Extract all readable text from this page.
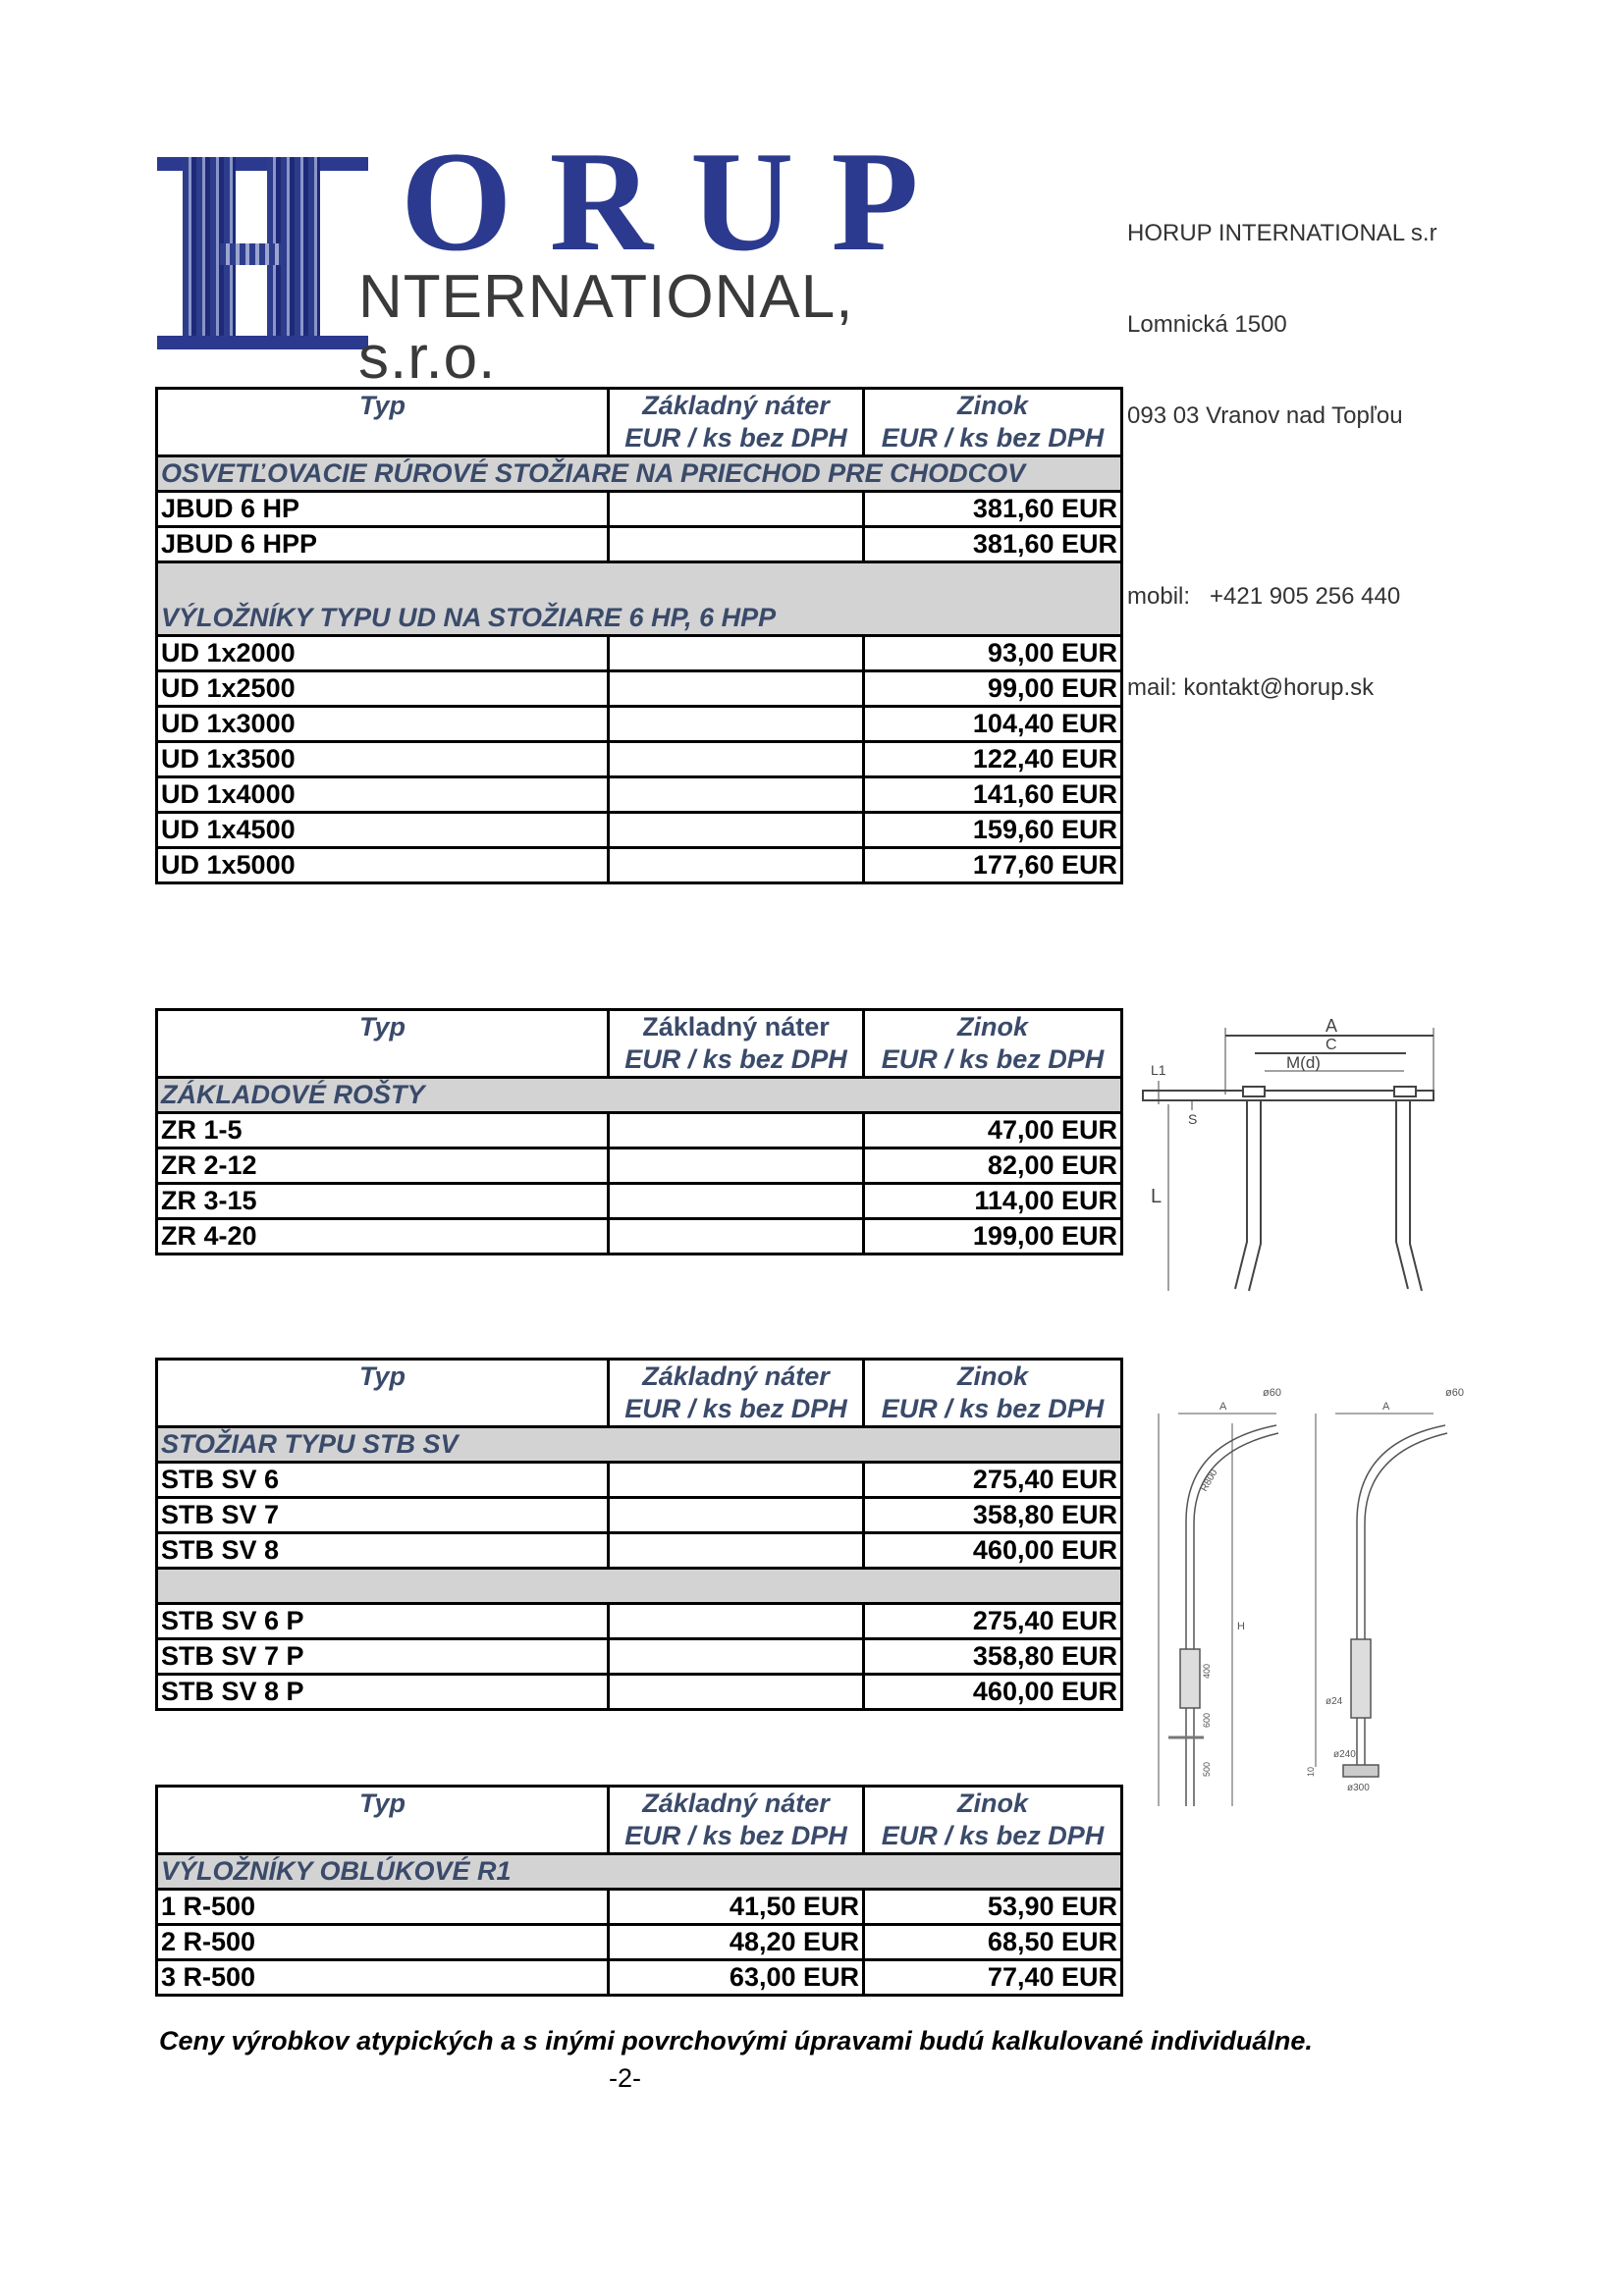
ORUP
NTERNATIONAL, s.r.o.

HORUP INTERNATIONAL s.r

Lomnická 1500

093 03 Vranov nad Topľou

mobil:   +421 905 256 440

mail: kontakt@horup.sk

Typ	Základný náter	Zinok
	EUR / ks bez DPH	EUR / ks bez DPH
OSVETĽOVACIE RÚROVÉ STOŽIARE NA PRIECHOD PRE CHODCOV		
JBUD 6 HP		381,60 EUR
JBUD 6 HPP		381,60 EUR
VÝLOŽNÍKY TYPU UD NA STOŽIARE 6 HP, 6 HPP		
UD 1x2000		93,00 EUR
UD 1x2500		99,00 EUR
UD 1x3000		104,40 EUR
UD 1x3500		122,40 EUR
UD 1x4000		141,60 EUR
UD 1x4500		159,60 EUR
UD 1x5000		177,60 EUR
Typ	Základný náter	Zinok
	EUR / ks bez DPH	EUR / ks bez DPH
ZÁKLADOVÉ ROŠTY		
ZR 1-5		47,00 EUR
ZR 2-12		82,00 EUR
ZR 3-15		114,00 EUR
ZR 4-20		199,00 EUR
Typ	Základný náter	Zinok
	EUR / ks bez DPH	EUR / ks bez DPH
STOŽIAR TYPU STB SV		
STB SV 6		275,40 EUR
STB SV 7		358,80 EUR
STB SV 8		460,00 EUR

STB SV 6 P		275,40 EUR
STB SV 7 P		358,80 EUR
STB SV 8 P		460,00 EUR
Typ	Základný náter	Zinok
	EUR / ks bez DPH	EUR / ks bez DPH
VÝLOŽNÍKY OBLÚKOVÉ R1		
1 R-500	41,50 EUR	53,90 EUR
2 R-500	48,20 EUR	68,50 EUR
3 R-500	63,00 EUR	77,40 EUR
A
C
M(d)
L1
S
L
A
ø60
R800
H
400
600
500
A
ø60
ø24
ø240
ø300
10
Ceny výrobkov atypických a s inými povrchovými úpravami budú kalkulované individuálne.
-2-
